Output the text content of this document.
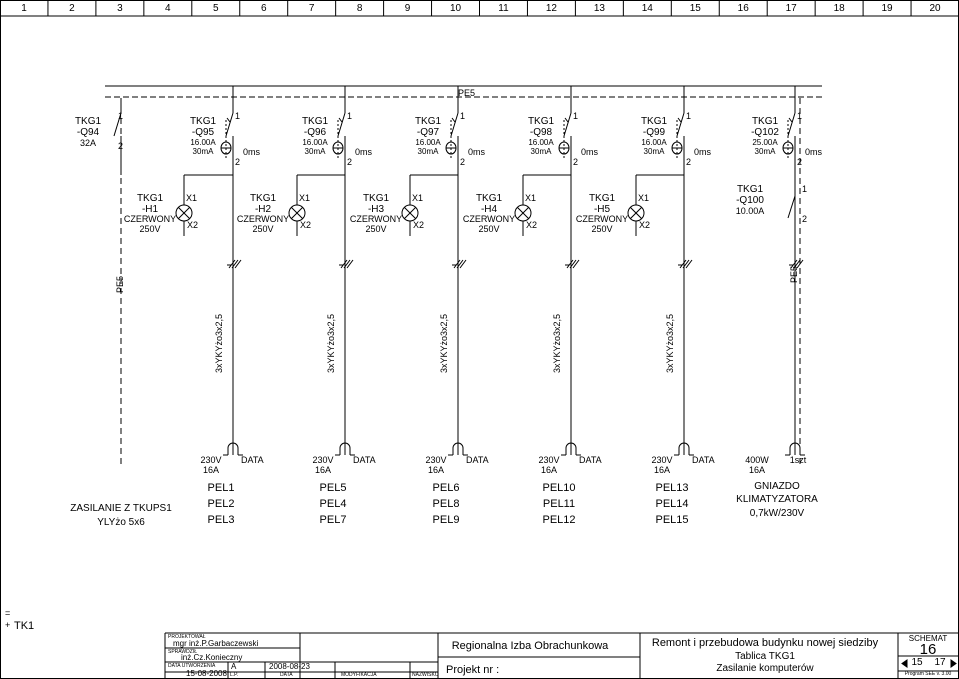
1	2	3	4	5	6	7	8	9	10	11	12	13	14	15	16	17	18	19	20
PE5
TKG1
-Q94
32A
1
2
TKG1
-Q95
16.00A
30mA
1
2
0ms
TKG1
-Q96
16.00A
30mA
1
2
0ms
TKG1
-Q97
16.00A
30mA
1
2
0ms
TKG1
-Q98
16.00A
30mA
1
2
0ms
TKG1
-Q99
16.00A
30mA
1
2
0ms
TKG1
-Q102
25.00A
30mA
1
2
0ms
TKG1
-H1
CZERWONY
250V
X1
X2
TKG1
-H2
CZERWONY
250V
X1
X2
TKG1
-H3
CZERWONY
250V
X1
X2
TKG1
-H4
CZERWONY
250V
X1
X2
TKG1
-H5
CZERWONY
250V
X1
X2
TKG1
-Q100
10.00A
1
2
PE5
PE5
3xYKYżo3x2,5	3xYKYżo3x2,5	3xYKYżo3x2,5	3xYKYżo3x2,5	3xYKYżo3x2,5
230V
16A
DATA
PEL1
PEL2
PEL3
230V
16A
DATA
PEL5
PEL4
PEL7
230V
16A
DATA
PEL6
PEL8
PEL9
230V
16A
DATA
PEL10
PEL11
PEL12
230V
16A
DATA
PEL13
PEL14
PEL15
400W
16A
1szt
GNIAZDO
KLIMATYZATORA
0,7kW/230V
ZASILANIE Z TKUPS1
YLYżo 5x6
=
+ TK1
PROJEKTOWAŁ
mgr inż.P.Garbaczewski
SPRAWDZIŁ
inż.Cz.Konieczny
DATA UTWORZENIA
15-08-2008
A	2008-08-23
L.P.	DATA	MODYFIKACJA	NAZWISKO
Regionalna Izba Obrachunkowa
Projekt nr :
Remont i przebudowa budynku nowej siedziby
Tablica TKG1
Zasilanie komputerów
SCHEMAT
16
15 17
Program SEE v. 3.00
